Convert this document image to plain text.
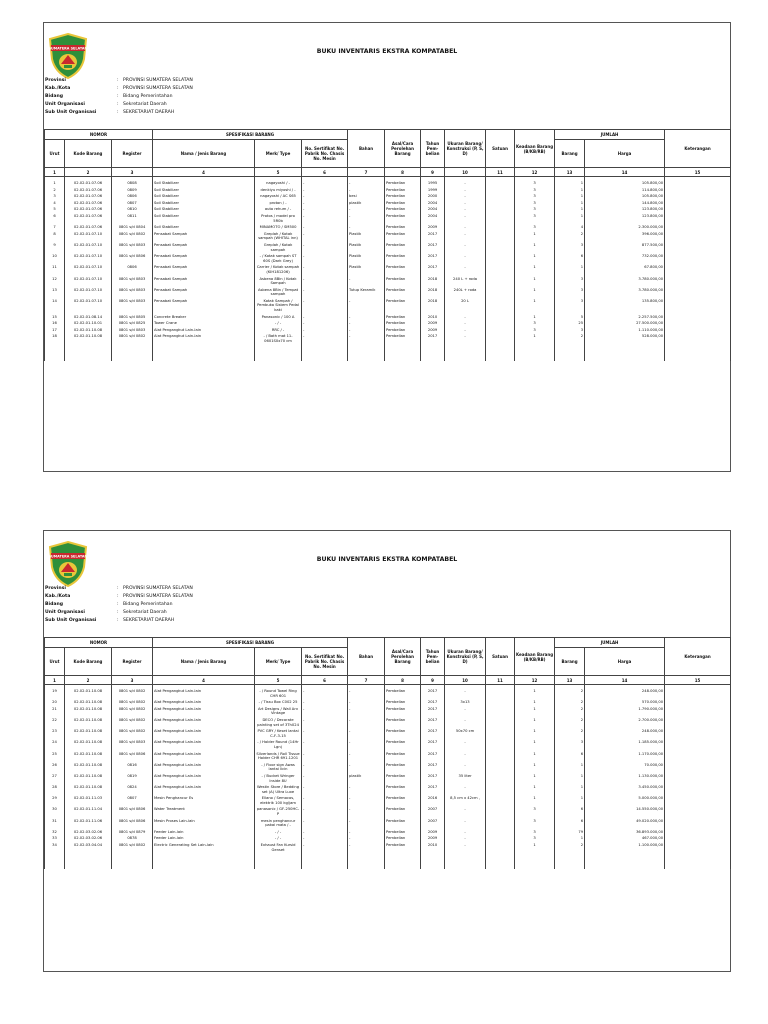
SUMATERA SELATAN	BUKU INVENTARIS EKSTRA KOMPATABEL
Provinsi	: PROVINSI SUMATERA SELATAN
Kab./Kota	: PROVINSI SUMATERA SELATAN
Bidang	: Bidang Pemerintahan
Unit Organisasi	: Sekretariat Daerah
Sub Unit Organisasi	: SEKRETARIAT DAERAH
NOMOR			SPESIFIKASI BARANG			Bahan	Asal/Cara Perolehan Barang	Tahun Pem- belian	Ukuran Barang/ Konstruksi (P, S, D)	Satuan	Keadaan Barang (B/KB/RB)	JUMLAH		Keterangan
Urut	Kode Barang	Register	Nama / Jenis Barang	Merk/ Type	No. Sertifikat No. Pabrik No. Chasis No. Mesin							Barang	Harga	
1	2	3	4	5	6	7	8	9	10	11	12	13	14	15
1	02.02.01.07.06	0808	Soil Stabilizer	nagayoshi / -	-	-	Pembelian	1995	-		3	1	105.800,00	
2	02.02.01.07.06	0809	Soil Stabilizer	denkiyu miyoshi / -	-	-	Pembelian	1999	-		3	1	114.800,00	
3	02.02.01.07.06	0806	Soil Stabilizer	nagayoshi / AC S65	-	besi	Pembelian	2000	-		3	1	105.800,00	
4	02.02.01.07.06	0807	Soil Stabilizer	proton / -	-	plastik	Pembelian	2004	-		3	1	144.800,00	
5	02.02.01.07.06	0810	Soil Stabilizer	auto rehum / -	-	-	Pembelian	2004	-		3	1	123.800,00	
6	02.02.01.07.06	0811	Soil Stabilizer	Protos / model pro 5R0b	-	-	Pembelian	2004	-		3	1	123.800,00	
7	02.02.01.07.06	0801 s/d 0804	Soil Stabilizer	MINAMOTO / SM500	-	-	Pembelian	2009	-		3	4	2.300.000,00	
8	02.02.01.07.10	0801 s/d 0802	Pensabat Sampah	Greplah / Kotak sampah (WHITAL inn)	-	Plastik	Pembelian	2017	-		1	2	396.000,00	
9	02.02.01.07.10	0801 s/d 0803	Pensabat Sampah	Greplah / Kotak sampah	-	Plastik	Pembelian	2017	-		1	3	877.500,00	
10	02.02.01.07.10	0801 s/d 0806	Pensabat Sampah	- / Kotak sampah ST 60S (Dark Grey)	-	Plastik	Pembelian	2017	-		1	6	732.000,00	
11	02.02.01.07.10	0806	Pensabat Sampah	Carrier / Kotak sampah (KIH181206)	-	Plastik	Pembelian	2017	-		1	1	67.800,00	
12	02.02.01.07.10	0801 s/d 0803	Pensabat Sampah	Asbena 8Bin / Kotak Sampah	-	-	Pembelian	2018	240 L + roda		1	3	3.780.000,00	
13	02.02.01.07.10	0801 s/d 0803	Pensabat Sampah	Asbena 8Bin / Tempat sampah	-	Tutup Keramik	Pembelian	2018	240L + roda		1	3	3.780.000,00	
14	02.02.01.07.10	0801 s/d 0803	Pensabat Sampah	Kotak Sampah / Pembuka Sistem Pedal kaki	-	-	Pembelian	2018	20 L		1	3	135.800,00	
15	02.02.01.08.14	0801 s/d 0805	Concrete Breaker	Panasonic / 100 A	-	-	Pembelian	2010	-		1	5	2.257.500,00	
16	02.02.01.10.01	0801 s/d 0825	Tower Crane	- / -	-	-	Pembelian	2009	-		3	25	27.500.000,00	
17	02.02.01.10.08	0801 s/d 0803	Alat Pengangkut Lain-lain	RRC / -	-	-	Pembelian	2009	-		3	3	1.110.000,00	
18	02.02.01.10.08	0801 s/d 0802	Alat Pengangkut Lain-lain	- / Bath mat 11-0601S0x70 cm	-	-	Pembelian	2017	-		1	2	528.000,00	

SUMATERA SELATAN	BUKU INVENTARIS EKSTRA KOMPATABEL
Provinsi	: PROVINSI SUMATERA SELATAN
Kab./Kota	: PROVINSI SUMATERA SELATAN
Bidang	: Bidang Pemerintahan
Unit Organisasi	: Sekretariat Daerah
Sub Unit Organisasi	: SEKRETARIAT DAERAH
NOMOR			SPESIFIKASI BARANG			Bahan	Asal/Cara Perolehan Barang	Tahun Pem- belian	Ukuran Barang/ Konstruksi (P, S, D)	Satuan	Keadaan Barang (B/KB/RB)	JUMLAH		Keterangan
Urut	Kode Barang	Register	Nama / Jenis Barang	Merk/ Type	No. Sertifikat No. Pabrik No. Chasis No. Mesin							Barang	Harga	
1	2	3	4	5	6	7	8	9	10	11	12	13	14	15
19	02.02.01.10.08	0801 s/d 0802	Alat Pengangkut Lain-lain	- / Round Towel Ring CHR 601	-	-	Pembelian	2017	-		1	2	248.000,00	
20	02.02.01.10.08	0801 s/d 0802	Alat Pengangkut Lain-lain	- / Tissu Box C002 25	-	-	Pembelian	2017	3x13		1	2	570.000,00	
21	02.02.01.10.08	0801 s/d 0802	Alat Pengangkut Lain-lain	Art Designs / Wall Arv Vintage	-	-	Pembelian	2017	-		1	2	1.790.000,00	
22	02.02.01.10.08	0801 s/d 0802	Alat Pengangkut Lain-lain	DECO / Decorate painting set of 3Th024	-	-	Pembelian	2017	-		1	2	2.700.000,00	
23	02.02.01.10.08	0801 s/d 0802	Alat Pengangkut Lain-lain	PVC GRY / Keset lantai C-F-3-15	-	-	Pembelian	2017	50x70 cm		1	2	248.000,00	
24	02.02.01.10.08	0801 s/d 0803	Alat Pengangkut Lain-lain	- / Holder Round (14Hr Lgn)	-	-	Pembelian	2017	-		1	3	1.185.000,00	
25	02.02.01.10.08	0801 s/d 0806	Alat Pengangkut Lain-lain	Silverlands / Roll Tissue Holder CHR 691.1201	-	-	Pembelian	2017	-		1	6	1.170.000,00	
26	02.02.01.10.08	0816	Alat Pengangkut Lain-lain	- / Floor sign Awas lantai licin	-	-	Pembelian	2017	-		1	1	70.000,00	
27	02.02.01.10.08	0819	Alat Pengangkut Lain-lain	- / Bucket Wringer Inside 8U	-	plastik	Pembelian	2017	35 liter		1	1	1.130.000,00	
28	02.02.01.10.08	0824	Alat Pengangkut Lain-lain	Westin Store / Bedding set (A) Ultra Luxe	-	-	Pembelian	2017	-		1	1	3.450.000,00	
29	02.02.01.11.03	0807	Mesin Penghancur Es	Ellano / Semocos, elektrik 100 kg/jam	-	-	Pembelian	2016	8,5 cm x 42cm ,		1	1	5.000.000,00	
30	02.02.01.11.04	0801 s/d 0806	Water Treatment	panasonic / GF-250HC-P	-	-	Pembelian	2007	-		3	6	14.550.000,00	
31	02.02.01.11.06	0801 s/d 0806	Mesin Proses Lain-lain	mesin penghancur pakai mata / -	-	-	Pembelian	2007	-		3	6	49.020.000,00	
32	02.02.03.02.06	0801 s/d 0879	Feeder Lain-lain	- / -	-	-	Pembelian	2009	-		3	79	36.893.000,00	
33	02.02.03.02.06	0878	Feeder Lain-lain	- / -	-	-	Pembelian	2009	-		3	1	467.000,00	
34	02.02.03.04.04	0801 s/d 0802	Electric Generating Set Lain-lain	Exhaust Fan Kursid Genset	-	-	Pembelian	2010	-		1	2	1.100.000,00	
